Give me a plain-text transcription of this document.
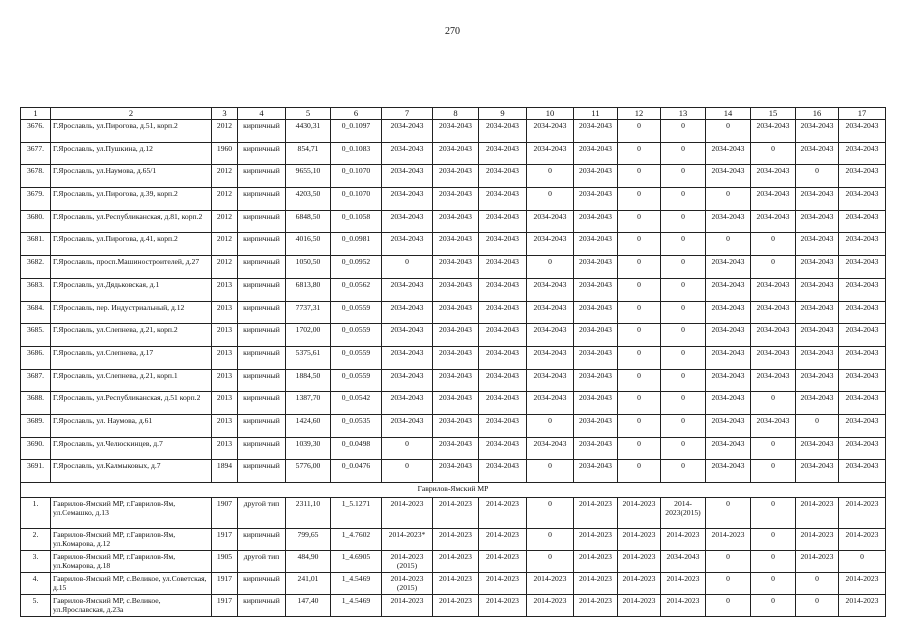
270
1	2	3	4	5	6	7	8	9	10	11	12	13	14	15	16	17
3676.	Г.Ярославль, ул.Пирогова, д.51, корп.2	2012	кирпичный	4430,31	0_0.1097	2034-2043	2034-2043	2034-2043	2034-2043	2034-2043	0	0	0	2034-2043	2034-2043	2034-2043
3677.	Г.Ярославль, ул.Пушкина, д.12	1960	кирпичный	854,71	0_0.1083	2034-2043	2034-2043	2034-2043	2034-2043	2034-2043	0	0	2034-2043	0	2034-2043	2034-2043
3678.	Г.Ярославль, ул.Наумова, д.65/1	2012	кирпичный	9655,10	0_0.1070	2034-2043	2034-2043	2034-2043	0	2034-2043	0	0	2034-2043	2034-2043	0	2034-2043
3679.	Г.Ярославль, ул.Пирогова, д.39, корп.2	2012	кирпичный	4203,50	0_0.1070	2034-2043	2034-2043	2034-2043	0	2034-2043	0	0	0	2034-2043	2034-2043	2034-2043
3680.	Г.Ярославль, ул.Республиканская, д.81, корп.2	2012	кирпичный	6848,50	0_0.1058	2034-2043	2034-2043	2034-2043	2034-2043	2034-2043	0	0	2034-2043	2034-2043	2034-2043	2034-2043
3681.	Г.Ярославль, ул.Пирогова, д.41, корп.2	2012	кирпичный	4016,50	0_0.0981	2034-2043	2034-2043	2034-2043	2034-2043	2034-2043	0	0	0	0	2034-2043	2034-2043
3682.	Г.Ярославль, просп.Машиностроителей, д.27	2012	кирпичный	1050,50	0_0.0952	0	2034-2043	2034-2043	0	2034-2043	0	0	2034-2043	0	2034-2043	2034-2043
3683.	Г.Ярославль, ул.Дядьковская, д.1	2013	кирпичный	6813,80	0_0.0562	2034-2043	2034-2043	2034-2043	2034-2043	2034-2043	0	0	2034-2043	2034-2043	2034-2043	2034-2043
3684.	Г.Ярославль, пер. Индустриальный, д.12	2013	кирпичный	7737,31	0_0.0559	2034-2043	2034-2043	2034-2043	2034-2043	2034-2043	0	0	2034-2043	2034-2043	2034-2043	2034-2043
3685.	Г.Ярославль, ул.Слепнева, д.21, корп.2	2013	кирпичный	1702,00	0_0.0559	2034-2043	2034-2043	2034-2043	2034-2043	2034-2043	0	0	2034-2043	2034-2043	2034-2043	2034-2043
3686.	Г.Ярославль, ул.Слепнева, д.17	2013	кирпичный	5375,61	0_0.0559	2034-2043	2034-2043	2034-2043	2034-2043	2034-2043	0	0	2034-2043	2034-2043	2034-2043	2034-2043
3687.	Г.Ярославль, ул.Слепнева, д.21, корп.1	2013	кирпичный	1884,50	0_0.0559	2034-2043	2034-2043	2034-2043	2034-2043	2034-2043	0	0	2034-2043	2034-2043	2034-2043	2034-2043
3688.	Г.Ярославль, ул.Республиканская, д.51 корп.2	2013	кирпичный	1387,70	0_0.0542	2034-2043	2034-2043	2034-2043	2034-2043	2034-2043	0	0	2034-2043	0	2034-2043	2034-2043
3689.	Г.Ярославль, ул. Наумова, д.61	2013	кирпичный	1424,60	0_0.0535	2034-2043	2034-2043	2034-2043	0	2034-2043	0	0	2034-2043	2034-2043	0	2034-2043
3690.	Г.Ярославль, ул.Челюскинцев, д.7	2013	кирпичный	1039,30	0_0.0498	0	2034-2043	2034-2043	2034-2043	2034-2043	0	0	2034-2043	0	2034-2043	2034-2043
3691.	Г.Ярославль, ул.Калмыковых, д.7	1894	кирпичный	5776,00	0_0.0476	0	2034-2043	2034-2043	0	2034-2043	0	0	2034-2043	0	2034-2043	2034-2043
Гаврилов-Ямский МР																
1.	Гаврилов-Ямский МР, г.Гаврилов-Ям, ул.Семашко, д.13	1907	другой тип	2311,10	1_5.1271	2014-2023	2014-2023	2014-2023	0	2014-2023	2014-2023	2014-2023(2015)	0	0	2014-2023	2014-2023
2.	Гаврилов-Ямский МР, г.Гаврилов-Ям, ул.Комарова, д.12	1917	кирпичный	799,65	1_4.7602	2014-2023*	2014-2023	2014-2023	0	2014-2023	2014-2023	2014-2023	2014-2023	0	2014-2023	2014-2023
3.	Гаврилов-Ямский МР, г.Гаврилов-Ям, ул.Комарова, д.18	1905	другой тип	484,90	1_4.6905	2014-2023 (2015)	2014-2023	2014-2023	0	2014-2023	2014-2023	2034-2043	0	0	2014-2023	0
4.	Гаврилов-Ямский МР, с.Великое, ул.Советская, д.15	1917	кирпичный	241,01	1_4.5469	2014-2023 (2015)	2014-2023	2014-2023	2014-2023	2014-2023	2014-2023	2014-2023	0	0	0	2014-2023
5.	Гаврилов-Ямский МР, с.Великое, ул.Ярославская, д.23а	1917	кирпичный	147,40	1_4.5469	2014-2023	2014-2023	2014-2023	2014-2023	2014-2023	2014-2023	2014-2023	0	0	0	2014-2023
